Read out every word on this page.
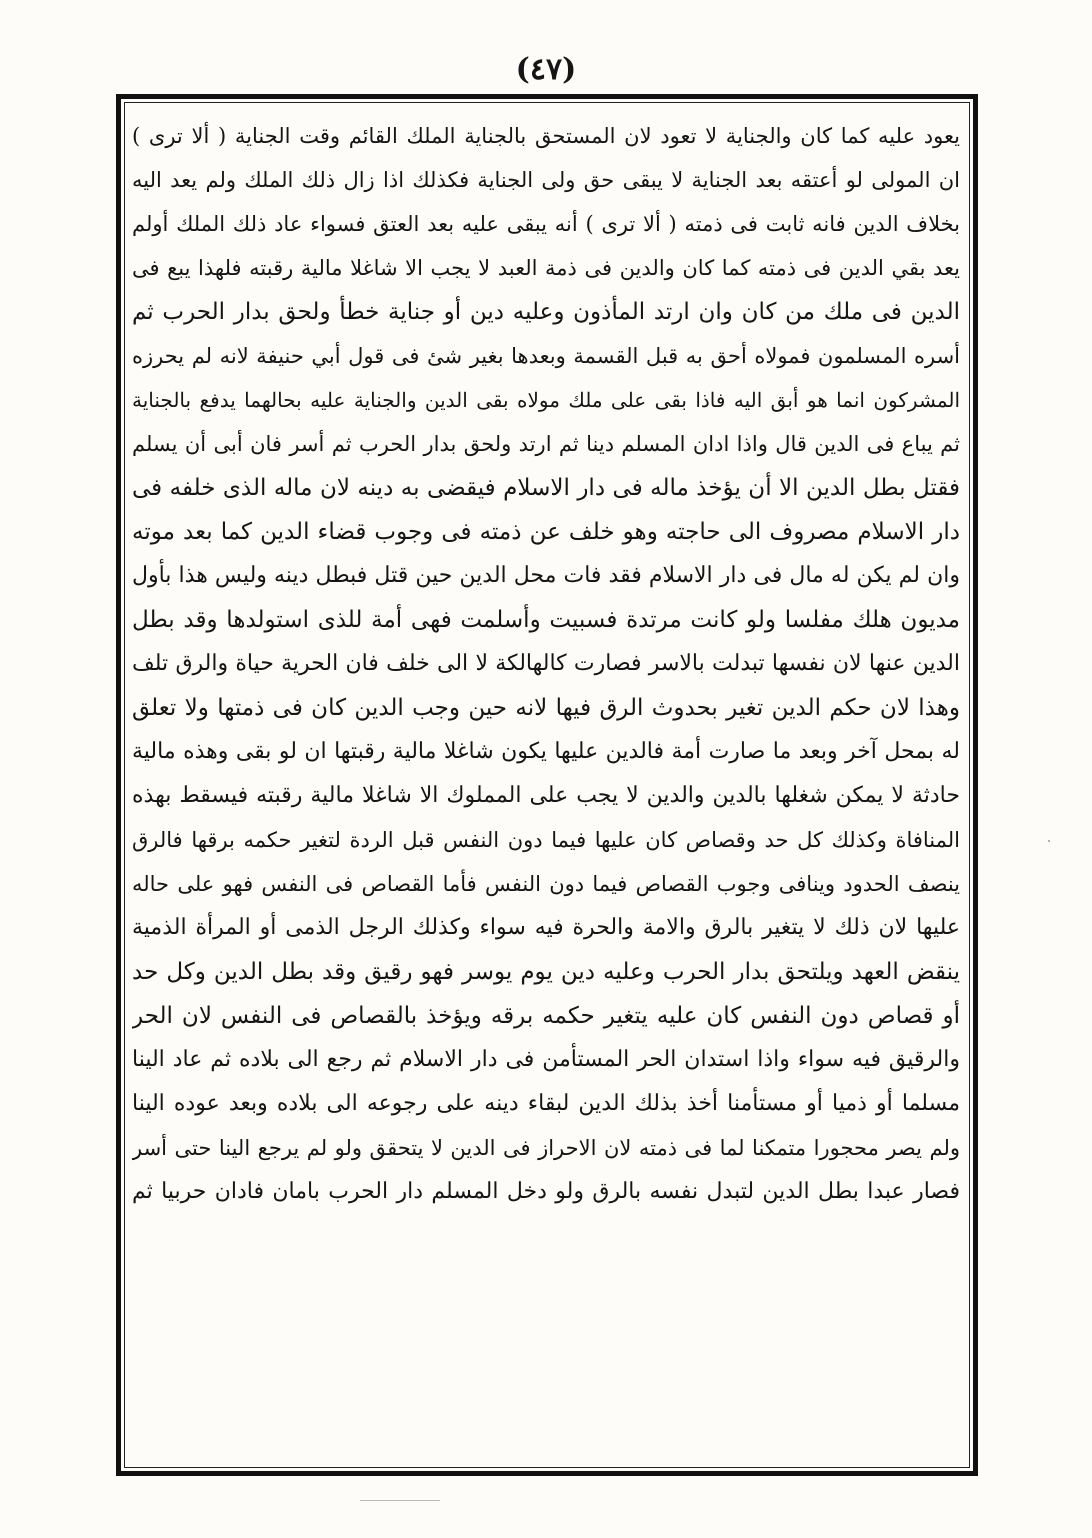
(٤٧)
يعود عليه كما كان والجناية لا تعود لان المستحق بالجناية الملك القائم وقت الجناية ( ألا ترى )
ان المولى لو أعتقه بعد الجناية لا يبقى حق ولى الجناية فكذلك اذا زال ذلك الملك ولم يعد اليه
بخلاف الدين فانه ثابت فى ذمته ( ألا ترى ) أنه يبقى عليه بعد العتق فسواء عاد ذلك الملك أولم
يعد بقي الدين فى ذمته كما كان والدين فى ذمة العبد لا يجب الا شاغلا مالية رقبته فلهذا يبع فى
الدين فى ملك من كان وان ارتد المأذون وعليه دين أو جناية خطأ ولحق بدار الحرب ثم
أسره المسلمون فمولاه أحق به قبل القسمة وبعدها بغير شئ فى قول أبي حنيفة لانه لم يحرزه
المشركون انما هو أبق اليه فاذا بقى على ملك مولاه بقى الدين والجناية عليه بحالهما يدفع بالجناية
ثم يباع فى الدين قال واذا ادان المسلم دينا ثم ارتد ولحق بدار الحرب ثم أسر فان أبى أن يسلم
فقتل بطل الدين الا أن يؤخذ ماله فى دار الاسلام فيقضى به دينه لان ماله الذى خلفه فى
دار الاسلام مصروف الى حاجته وهو خلف عن ذمته فى وجوب قضاء الدين كما بعد موته
وان لم يكن له مال فى دار الاسلام فقد فات محل الدين حين قتل فبطل دينه وليس هذا بأول
مديون هلك مفلسا ولو كانت مرتدة فسبيت وأسلمت فهى أمة للذى استولدها وقد بطل
الدين عنها لان نفسها تبدلت بالاسر فصارت كالهالكة لا الى خلف فان الحرية حياة والرق تلف
وهذا لان حكم الدين تغير بحدوث الرق فيها لانه حين وجب الدين كان فى ذمتها ولا تعلق
له بمحل آخر وبعد ما صارت أمة فالدين عليها يكون شاغلا مالية رقبتها ان لو بقى وهذه مالية
حادثة لا يمكن شغلها بالدين والدين لا يجب على المملوك الا شاغلا مالية رقبته فيسقط بهذه
المنافاة وكذلك كل حد وقصاص كان عليها فيما دون النفس قبل الردة لتغير حكمه برقها فالرق
ينصف الحدود وينافى وجوب القصاص فيما دون النفس فأما القصاص فى النفس فهو على حاله
عليها لان ذلك لا يتغير بالرق والامة والحرة فيه سواء وكذلك الرجل الذمى أو المرأة الذمية
ينقض العهد ويلتحق بدار الحرب وعليه دين يوم يوسر فهو رقيق وقد بطل الدين وكل حد
أو قصاص دون النفس كان عليه يتغير حكمه برقه ويؤخذ بالقصاص فى النفس لان الحر
والرقيق فيه سواء واذا استدان الحر المستأمن فى دار الاسلام ثم رجع الى بلاده ثم عاد الينا
مسلما أو ذميا أو مستأمنا أخذ بذلك الدين لبقاء دينه على رجوعه الى بلاده وبعد عوده الينا
ولم يصر محجورا متمكنا لما فى ذمته لان الاحراز فى الدين لا يتحقق ولو لم يرجع الينا حتى أسر
فصار عبدا بطل الدين لتبدل نفسه بالرق ولو دخل المسلم دار الحرب بامان فادان حربيا ثم
